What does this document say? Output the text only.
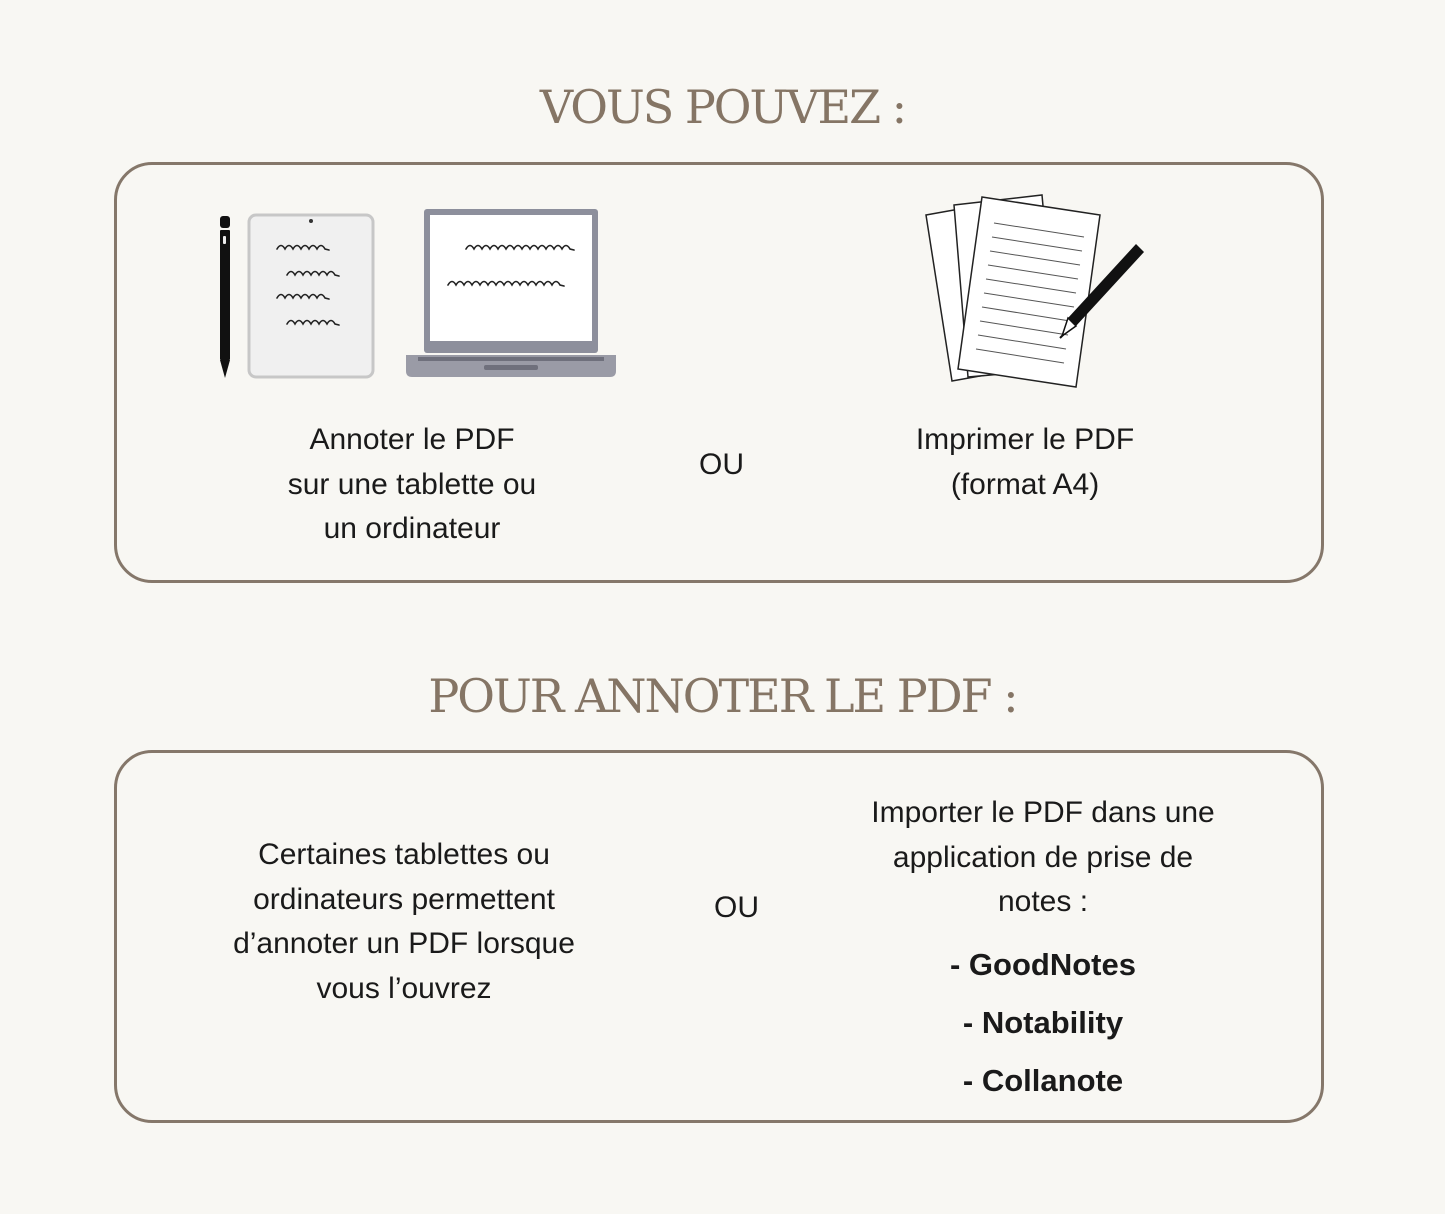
VOUS POUVEZ :
Annoter le PDF
sur une tablette ou
un ordinateur
OU
Imprimer le PDF
(format A4)
POUR ANNOTER LE PDF :
Certaines tablettes ou
ordinateurs permettent
d’annoter un PDF lorsque
vous l’ouvrez
OU
Importer le PDF dans une
application de prise de
notes :
- GoodNotes
- Notability
- Collanote
